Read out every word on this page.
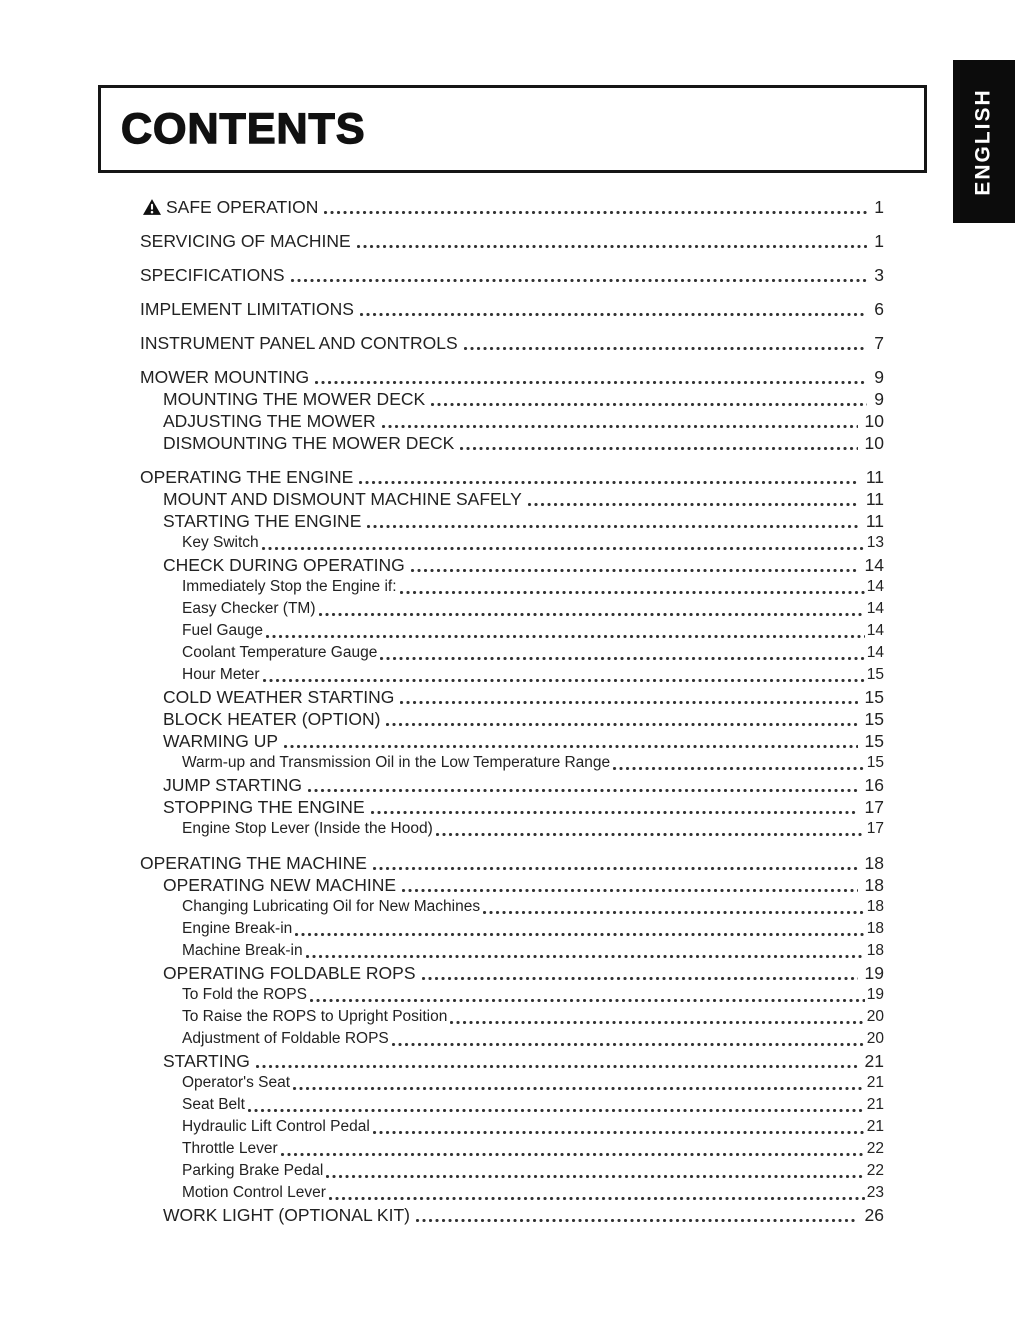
CONTENTS	ENGLISH
SAFE OPERATION	1
SERVICING OF MACHINE	1
SPECIFICATIONS	3
IMPLEMENT LIMITATIONS	6
INSTRUMENT PANEL AND CONTROLS	7
MOWER MOUNTING	9
MOUNTING THE MOWER DECK	9
ADJUSTING THE MOWER	10
DISMOUNTING THE MOWER DECK	10
OPERATING THE ENGINE	11
MOUNT AND DISMOUNT MACHINE SAFELY	11
STARTING THE ENGINE	11
Key Switch	13
CHECK DURING OPERATING	14
Immediately Stop the Engine if:	14
Easy Checker (TM)	14
Fuel Gauge	14
Coolant Temperature Gauge	14
Hour Meter	15
COLD WEATHER STARTING	15
BLOCK HEATER (OPTION)	15
WARMING UP	15
Warm-up and Transmission Oil in the Low Temperature Range	15
JUMP STARTING	16
STOPPING THE ENGINE	17
Engine Stop Lever (Inside the Hood)	17
OPERATING THE MACHINE	18
OPERATING NEW MACHINE	18
Changing Lubricating Oil for New Machines	18
Engine Break-in	18
Machine Break-in	18
OPERATING FOLDABLE ROPS	19
To Fold the ROPS	19
To Raise the ROPS to Upright Position	20
Adjustment of Foldable ROPS	20
STARTING	21
Operator's Seat	21
Seat Belt	21
Hydraulic Lift Control Pedal	21
Throttle Lever	22
Parking Brake Pedal	22
Motion Control Lever	23
WORK LIGHT (OPTIONAL KIT)	26
